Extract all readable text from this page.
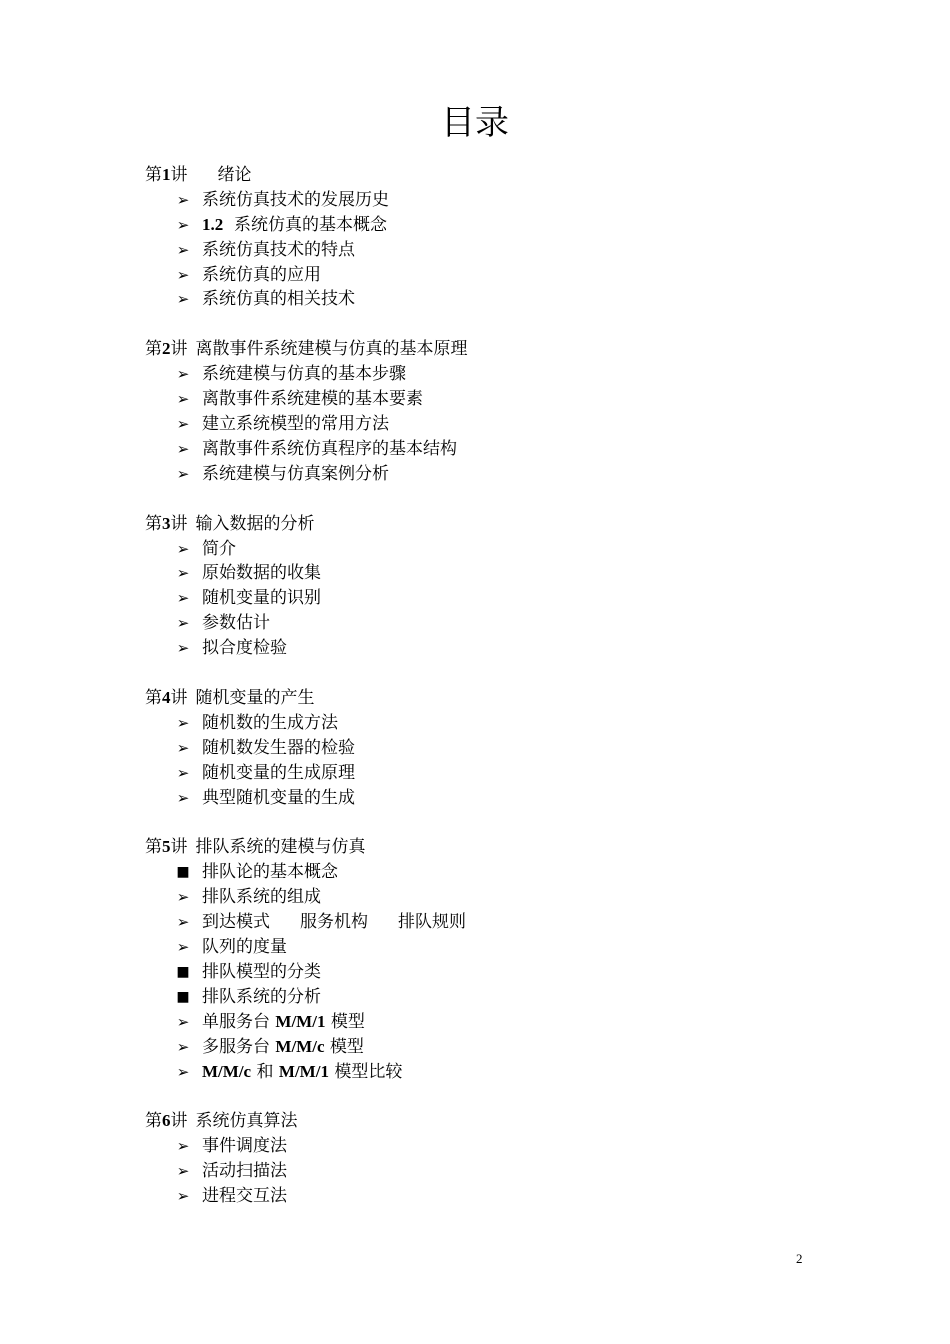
目录
第1讲 绪论
➢ 系统仿真技术的发展历史
➢ 1.2  系统仿真的基本概念
➢ 系统仿真技术的特点
➢ 系统仿真的应用
➢ 系统仿真的相关技术
第2讲 离散事件系统建模与仿真的基本原理
➢ 系统建模与仿真的基本步骤
➢ 离散事件系统建模的基本要素
➢ 建立系统模型的常用方法
➢ 离散事件系统仿真程序的基本结构
➢ 系统建模与仿真案例分析
第3讲 输入数据的分析
➢ 简介
➢ 原始数据的收集
➢ 随机变量的识别
➢ 参数估计
➢ 拟合度检验
第4讲 随机变量的产生
➢ 随机数的生成方法
➢ 随机数发生器的检验
➢ 随机变量的生成原理
➢ 典型随机变量的生成
第5讲 排队系统的建模与仿真
■ 排队论的基本概念
➢ 排队系统的组成
➢ 到达模式 服务机构 排队规则
➢ 队列的度量
■ 排队模型的分类
■ 排队系统的分析
➢ 单服务台 M/M/1 模型
➢ 多服务台 M/M/c 模型
➢ M/M/c 和 M/M/1 模型比较
第6讲 系统仿真算法
➢ 事件调度法
➢ 活动扫描法
➢ 进程交互法
2
